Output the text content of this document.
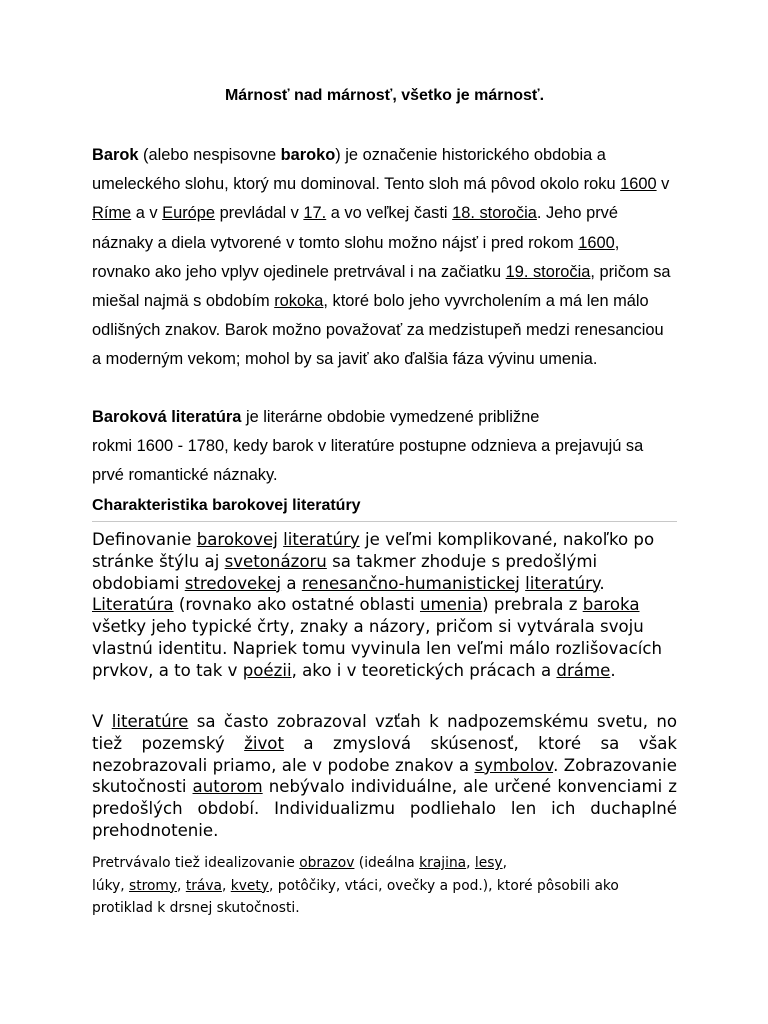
Márnosť nad márnosť, všetko je márnosť.

Barok (alebo nespisovne baroko) je označenie historického obdobia a umeleckého slohu, ktorý mu dominoval. Tento sloh má pôvod okolo roku 1600 v Ríme a v Európe prevládal v 17. a vo veľkej časti 18. storočia. Jeho prvé náznaky a diela vytvorené v tomto slohu možno nájsť i pred rokom 1600, rovnako ako jeho vplyv ojedinele pretrvával i na začiatku 19. storočia, pričom sa miešal najmä s obdobím rokoka, ktoré bolo jeho vyvrcholením a má len málo odlišných znakov. Barok možno považovať za medzistupeň medzi renesanciou a moderným vekom; mohol by sa javiť ako ďalšia fáza vývinu umenia.

Baroková literatúra je literárne obdobie vymedzené približne
rokmi 1600 - 1780, kedy barok v literatúre postupne odznieva a prejavujú sa prvé romantické náznaky.

Charakteristika barokovej literatúry

Definovanie barokovej literatúry je veľmi komplikované, nakoľko po stránke štýlu aj svetonázoru sa takmer zhoduje s predošlými obdobiami stredovekej a renesančno-humanistickej literatúry. Literatúra (rovnako ako ostatné oblasti umenia) prebrala z baroka všetky jeho typické črty, znaky a názory, pričom si vytvárala svoju vlastnú identitu. Napriek tomu vyvinula len veľmi málo rozlišovacích prvkov, a to tak v poézii, ako i v teoretických prácach a dráme.

V literatúre sa často zobrazoval vzťah k nadpozemskému svetu, no tiež pozemský život a zmyslová skúsenosť, ktoré sa však nezobrazovali priamo, ale v podobe znakov a symbolov. Zobrazovanie skutočnosti autorom nebývalo individuálne, ale určené konvenciami z predošlých období. Individualizmu podliehalo len ich duchaplné prehodnotenie.

Pretrvávalo tiež idealizovanie obrazov (ideálna krajina, lesy,
lúky, stromy, tráva, kvety, potôčiky, vtáci, ovečky a pod.), ktoré pôsobili ako protiklad k drsnej skutočnosti.
